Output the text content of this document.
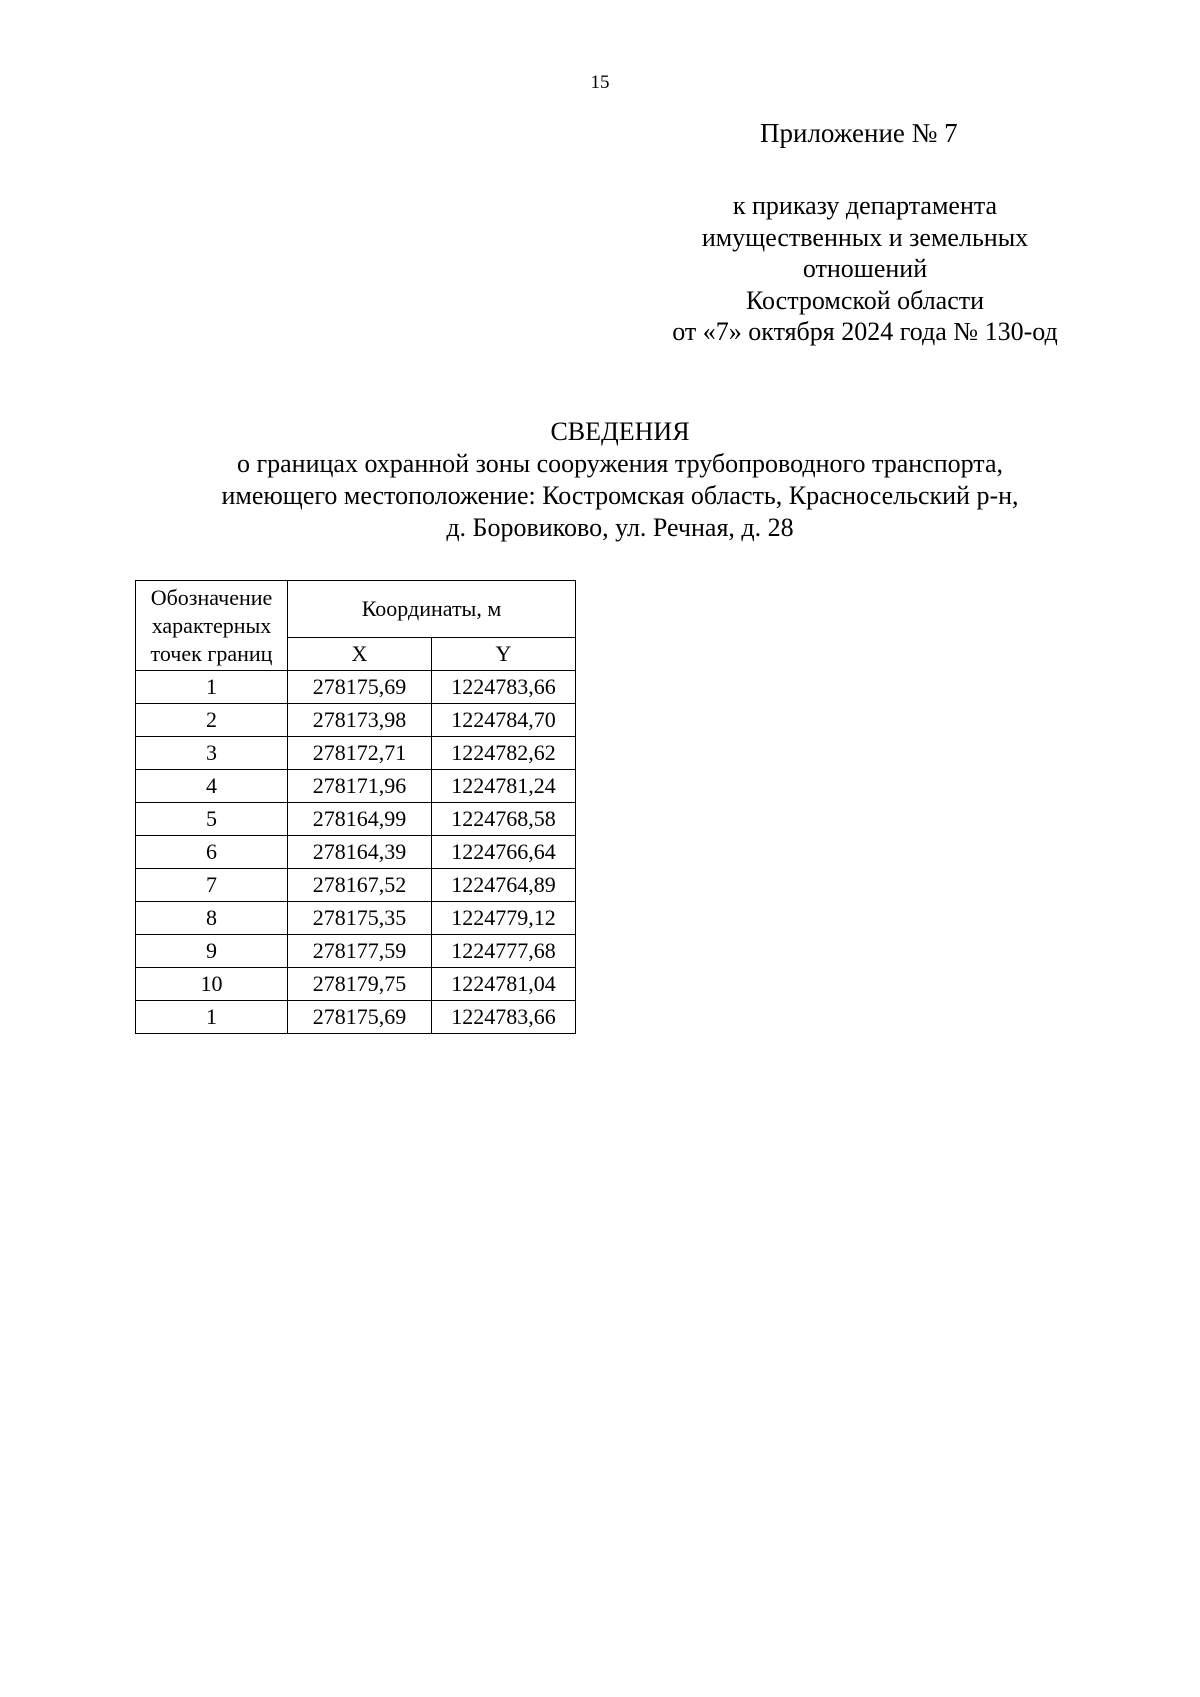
15
Приложение № 7
к приказу департамента
имущественных и земельных
отношений
Костромской области
от «7» октября 2024 года № 130-од
СВЕДЕНИЯ
о границах охранной зоны сооружения трубопроводного транспорта,
имеющего местоположение: Костромская область, Красносельский р-н,
д. Боровиково, ул. Речная, д. 28
Обозначение
характерных
точек границ	Координаты, м	
	X	Y
1	278175,69	1224783,66
2	278173,98	1224784,70
3	278172,71	1224782,62
4	278171,96	1224781,24
5	278164,99	1224768,58
6	278164,39	1224766,64
7	278167,52	1224764,89
8	278175,35	1224779,12
9	278177,59	1224777,68
10	278179,75	1224781,04
1	278175,69	1224783,66
